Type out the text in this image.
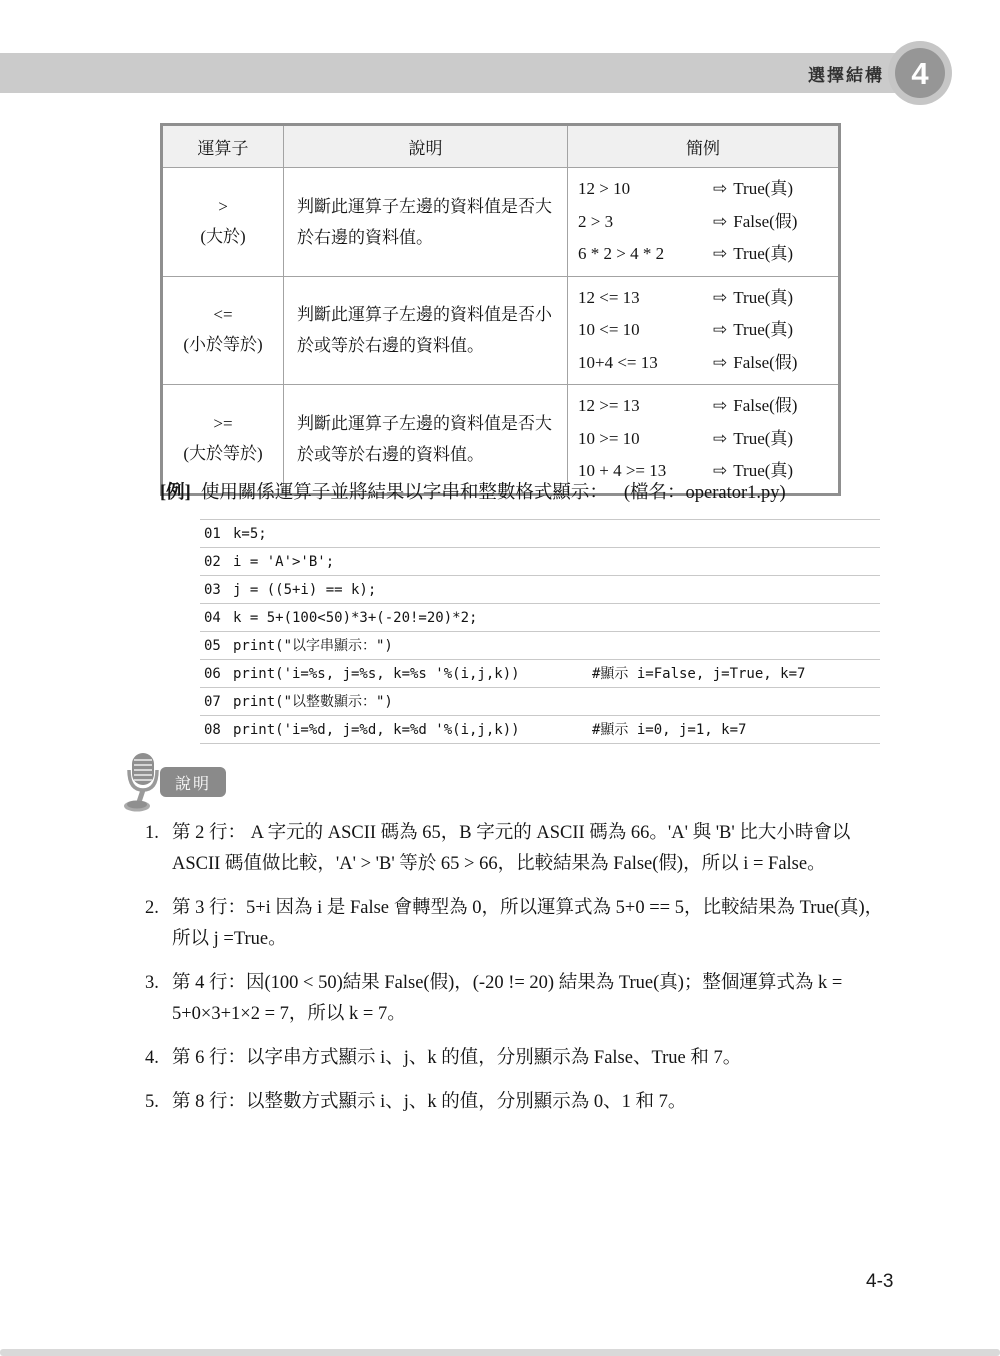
選擇結構 4
運算子	說明	簡例

>
(大於)
	判斷此運算子左邊的資料值是否大於右邊的資料值。	
12 > 10	⇨ True(真)
2 > 3	⇨ False(假)
6 * 2 > 4 * 2	⇨ True(真)

<=
(小於等於)
	判斷此運算子左邊的資料值是否小於或等於右邊的資料值。	
12 <= 13	⇨ True(真)
10 <= 10	⇨ True(真)
10+4 <= 13	⇨ False(假)

>=
(大於等於)
	判斷此運算子左邊的資料值是否大於或等於右邊的資料值。	
12 >= 13	⇨ False(假)
10 >= 10	⇨ True(真)
10 + 4 >= 13	⇨ True(真)
[例] 使用關係運算子並將結果以字串和整數格式顯示： (檔名：operator1.py)
01 k=5;
02 i = 'A'>'B';
03 j = ((5+i) == k);
04 k = 5+(100<50)*3+(-20!=20)*2;
05 print("以字串顯示：")
06 print('i=%s, j=%s, k=%s '%(i,j,k))	#顯示 i=False, j=True, k=7
07 print("以整數顯示：")
08 print('i=%d, j=%d, k=%d '%(i,j,k))	#顯示 i=0, j=1, k=7
說明
1. 第 2 行： A 字元的 ASCII 碼為 65，B 字元的 ASCII 碼為 66。'A' 與 'B' 比大小時會以 ASCII 碼值做比較，'A' > 'B' 等於 65 > 66，比較結果為 False(假)，所以 i = False。
2. 第 3 行：5+i 因為 i 是 False 會轉型為 0，所以運算式為 5+0 == 5，比較結果為 True(真)，所以 j =True。
3. 第 4 行：因(100 < 50)結果 False(假)，(-20 != 20) 結果為 True(真)；整個運算式為 k = 5+0×3+1×2 = 7，所以 k = 7。
4. 第 6 行：以字串方式顯示 i、j、k 的值，分別顯示為 False、True 和 7。
5. 第 8 行：以整數方式顯示 i、j、k 的值，分別顯示為 0、1 和 7。
4-3
